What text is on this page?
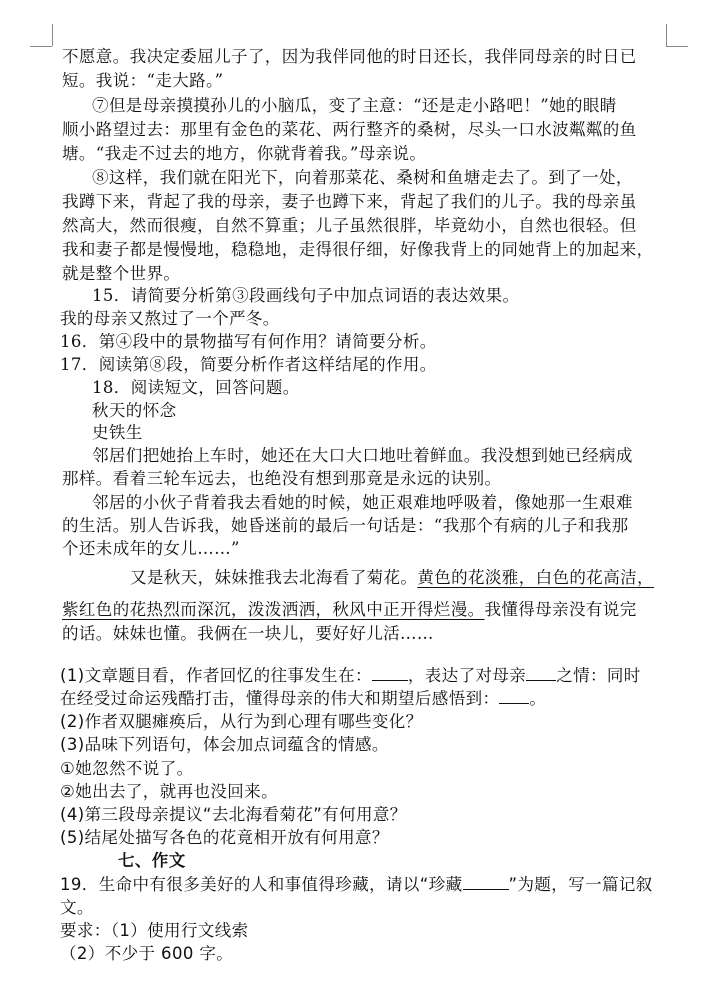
不愿意。我决定委屈儿子了，因为我伴同他的时日还长，我伴同母亲的时日已
短。我说：“走大路。”
⑦但是母亲摸摸孙儿的小脑瓜，变了主意：“还是走小路吧！”她的眼睛
顺小路望过去：那里有金色的菜花、两行整齐的桑树，尽头一口水波粼粼的鱼
塘。“我走不过去的地方，你就背着我。”母亲说。
⑧这样，我们就在阳光下，向着那菜花、桑树和鱼塘走去了。到了一处，
我蹲下来，背起了我的母亲，妻子也蹲下来，背起了我们的儿子。我的母亲虽
然高大，然而很瘦，自然不算重；儿子虽然很胖，毕竟幼小，自然也很轻。但
我和妻子都是慢慢地，稳稳地，走得很仔细，好像我背上的同她背上的加起来，
就是整个世界。
15．请简要分析第③段画线句子中加点词语的表达效果。
我的母亲又熬过了一个严冬。
16．第④段中的景物描写有何作用？请简要分析。
17．阅读第⑧段，简要分析作者这样结尾的作用。
18．阅读短文，回答问题。
秋天的怀念
史铁生
邻居们把她抬上车时，她还在大口大口地吐着鲜血。我没想到她已经病成
那样。看着三轮车远去，也绝没有想到那竟是永远的诀别。
邻居的小伙子背着我去看她的时候，她正艰难地呼吸着，像她那一生艰难
的生活。别人告诉我，她昏迷前的最后一句话是：“我那个有病的儿子和我那
个还未成年的女儿……”
又是秋天，妹妹推我去北海看了菊花。黄色的花淡雅，白色的花高洁，
紫红色的花热烈而深沉，泼泼洒洒，秋风中正开得烂漫。我懂得母亲没有说完
的话。妹妹也懂。我俩在一块儿，要好好儿活……
(1)文章题目看，作者回忆的往事发生在： ，表达了对母亲 之情：同时
在经受过命运残酷打击，懂得母亲的伟大和期望后感悟到： 。
(2)作者双腿瘫痪后，从行为到心理有哪些变化？
(3)品味下列语句，体会加点词蕴含的情感。
①她忽然不说了。
②她出去了，就再也没回来。
(4)第三段母亲提议“去北海看菊花”有何用意？
(5)结尾处描写各色的花竟相开放有何用意？
七、作文
19．生命中有很多美好的人和事值得珍藏，请以“珍藏	”为题，写一篇记叙
文。
要求：（1）使用行文线索
（2）不少于 600 字。
